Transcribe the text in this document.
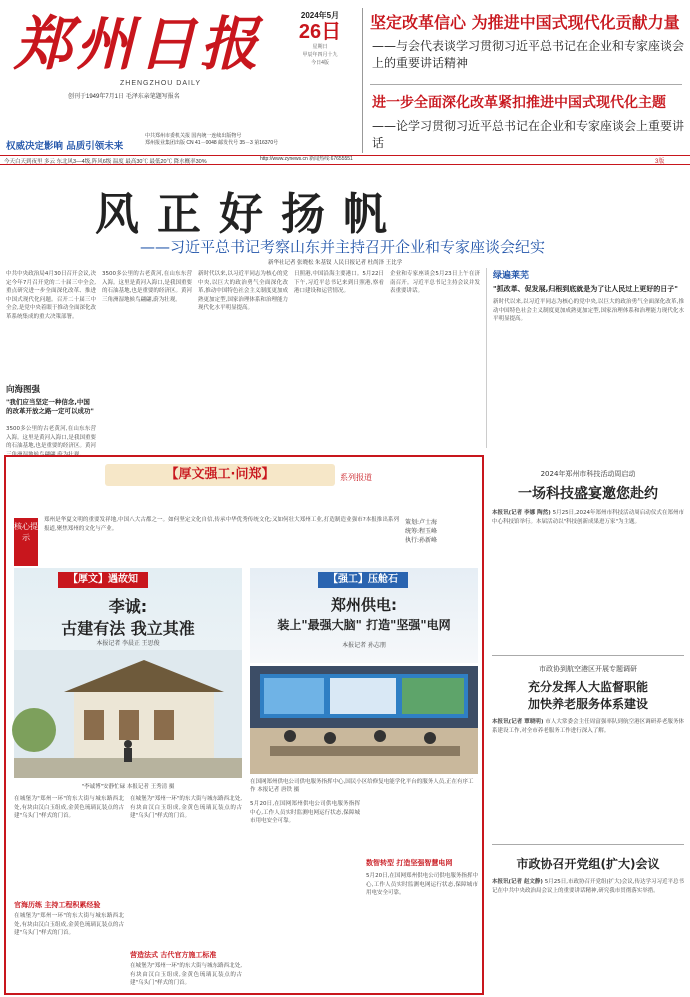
郑州日报
ZHENGZHOU DAILY
创刊于1949年7月1日 毛泽东亲笔题写报名
2024年5月
26日
星期日
甲辰年四月十九
今日4版
坚定改革信心 为推进中国式现代化贡献力量
——与会代表谈学习贯彻习近平总书记在企业和专家座谈会上的重要讲话精神
进一步全面深化改革紧扣推进中国式现代化主题
——论学习贯彻习近平总书记在企业和专家座谈会上重要讲话
3版
权威决定影响 品质引领未来
中共郑州市委机关报 国内统一连续出版物号
郑州报业集团出版 CN 41－0048 邮发代号 35－3 第16370号
http://www.zynews.cn 新闻热线:67655551
今天白天到夜里 多云 东北风3—4级,阵风6级 温度 最高30℃ 最低20℃ 降水概率30%
风正好扬帆
——习近平总书记考察山东并主持召开企业和专家座谈会纪实
新华社记者 张晓松 朱基钗 人民日报记者 杜尚泽 王比学
中共中央政治局4月30日召开会议,决定今年7月召开党的二十届三中全会,重点研究进一步全面深化改革、推进中国式现代化问题。召开二十届三中全会,是党中央着眼于推动全面深化改革系统集成的重大决策部署。
向海图强
"我们应当坚定一种信念,中国的改革开放之路一定可以成功"
3500多公里的古老黄河,在山东东营入海。这里是黄河入海口,是我国重要的石油基地,也是重要的经济区。黄河
3500多公里的古老黄河,在山东东营入海。这里是黄河入海口,是我国重要的石油基地,也是重要的经济区。黄河三角洲湿地候鸟翩翩,蔚为壮观。
新时代以来,以习近平同志为核心的党中央,以巨大的政治勇气全面深化改革,推动中国特色社会主义制度更加成熟更加定型,国家治理体系和治理能力现代化水平明显提高。
日照港,中国沿海主要港口。5月22日下午,习近平总书记来到日照港,察看港口建设和运营情况。
企业和专家座谈会5月23日上午在济南召开。习近平总书记主持会议并发表重要讲话。
绿遍莱芜
"抓改革、促发展,归根到底就是为了让人民过上更好的日子"
新时代以来,以习近平同志为核心的党中央,以巨大的政治勇气全面深化改革,推动中国特色社会主义制度更加成熟更加定型,国家治理体系和治理能力现代化水平明显提高。
【厚文强工·问郑】	系列报道
核心提示
郑州是华夏文明的重要发祥地,中国八大古都之一。如何坚定文化自信,传承中华优秀传统文化;又如何壮大郑州工业,打造制造业强市?本报推出系列报道,聚焦郑州的文化与产业。
策划:卢士海
统筹:程玉峰
执行:孙新峰
【厚文】遇故知
李诚:
古建有法 我立其准
本报记者 李晨正 王思俊
"李诚博"安静忙碌 本报记者 王秀清 摄
在城堡为"郑州一环"的东大街与城东路西北处,有块由汉白玉组成,金黄色琉璃瓦装点的古建"乌头门"样式的门首。
官海历练 主持工程积累经验
在城堡为"郑州一环"的东大街与城东路西北处,有块由汉白玉组成,金黄色琉璃瓦装点的古建"乌头门"样式的门首。
在城堡为"郑州一环"的东大街与城东路西北处,有块由汉白玉组成,金黄色琉璃瓦装点的古建"乌头门"样式的门首。
营造法式 古代官方施工标准
在城堡为"郑州一环"的东大街与城东路西北处,有块由汉白玉组成,金黄色琉璃瓦装点的古建"乌头门"样式的门首。
【强工】压舱石
郑州供电:
装上"最强大脑" 打造"坚强"电网
本报记者 孙志朋
在国网郑州供电公司供电服务指挥中心,国民小区给修复电能学化平台的服务人员,正在有序工作 本报记者 唐铁 摄
5月20日,在国网郑州供电公司供电服务指挥中心,工作人员实时监测电网运行状态,保障城市用电安全可靠。
数智转型 打造坚强智慧电网
5月20日,在国网郑州供电公司供电服务指挥中心,工作人员实时监测电网运行状态,保障城市用电安全可靠。
2024年郑州市科技活动周启动
一场科技盛宴邀您赴约
本报讯(记者 李娜 陶然) 5月25日,2024年郑州市科技活动周启动仪式在郑州市中心科技馆举行。本届活动以"科技创新成果进万家"为主题。
市政协到航空港区开展专题调研
充分发挥人大监督职能
加快养老服务体系建设
本报讯(记者 覃晓明) 市人大常委会主任周富强率队到航空港区调研养老服务体系建设工作,对全市养老服务工作进行深入了解。
市政协召开党组(扩大)会议
本报讯(记者 赵文静) 5月25日,市政协召开党组(扩大)会议,传达学习习近平总书记在中共中央政治局会议上的重要讲话精神,研究我市贯彻落实举措。
